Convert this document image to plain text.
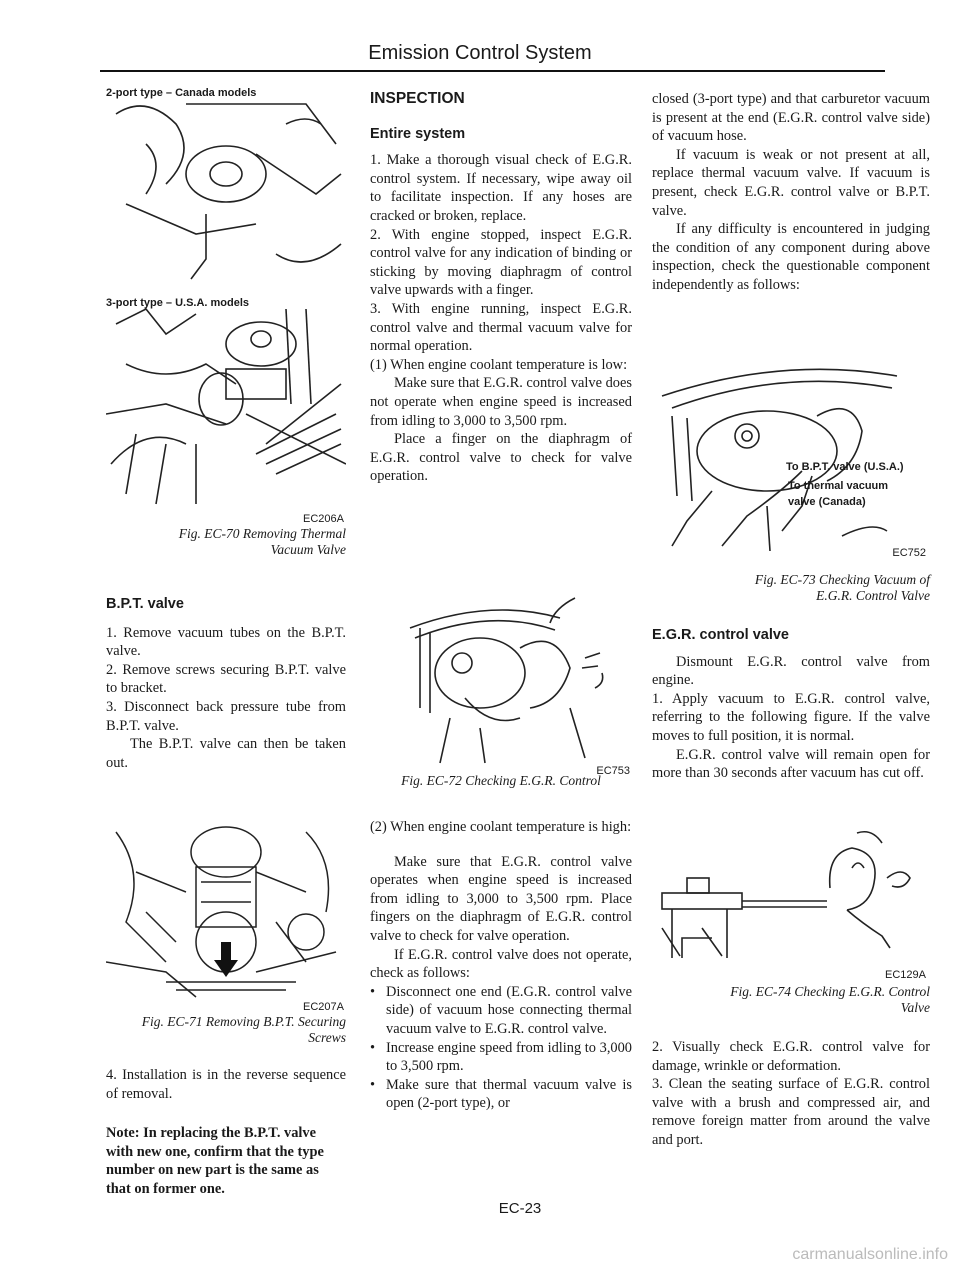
Emission Control System
2-port type – Canada models
3-port type – U.S.A. models
EC206A

Fig. EC-70 Removing Thermal

Vacuum Valve

B.P.T. valve

1. Remove vacuum tubes on the B.P.T. valve.

2. Remove screws securing B.P.T. valve to bracket.

3. Disconnect back pressure tube from B.P.T. valve.

The B.P.T. valve can then be taken out.

EC207A

Fig. EC-71 Removing B.P.T. Securing

Screws

4. Installation is in the reverse sequence of removal.

Note: In replacing the B.P.T. valve with new one, confirm that the type number on new part is the same as that on former one.

INSPECTION

Entire system

1. Make a thorough visual check of E.G.R. control system. If necessary, wipe away oil to facilitate inspection. If any hoses are cracked or broken, replace.

2. With engine stopped, inspect E.G.R. control valve for any indication of binding or sticking by moving diaphragm of control valve upwards with a finger.

3. With engine running, inspect E.G.R. control valve and thermal vacuum valve for normal operation.

(1) When engine coolant temperature is low:

Make sure that E.G.R. control valve does not operate when engine speed is increased from idling to 3,000 to 3,500 rpm.

Place a finger on the diaphragm of E.G.R. control valve to check for valve operation.

EC753

Fig. EC-72 Checking E.G.R. Control

(2) When engine coolant temperature is high:

Make sure that E.G.R. control valve operates when engine speed is increased from idling to 3,000 to 3,500 rpm. Place fingers on the diaphragm of E.G.R. control valve to check for valve operation.

If E.G.R. control valve does not operate, check as follows:

• Disconnect one end (E.G.R. control valve side) of vacuum hose connecting thermal vacuum valve to E.G.R. control valve.

• Increase engine speed from idling to 3,000 to 3,500 rpm.

• Make sure that thermal vacuum valve is open (2-port type), or

closed (3-port type) and that carburetor vacuum is present at the end (E.G.R. control valve side) of vacuum hose.

If vacuum is weak or not present at all, replace thermal vacuum valve. If vacuum is present, check E.G.R. control valve or B.P.T. valve.

If any difficulty is encountered in judging the condition of any component during above inspection, check the questionable component independently as follows:

To B.P.T. valve (U.S.A.)
To thermal vacuum
valve (Canada)
EC752

Fig. EC-73 Checking Vacuum of

E.G.R. Control Valve

E.G.R. control valve

Dismount E.G.R. control valve from engine.

1. Apply vacuum to E.G.R. control valve, referring to the following figure. If the valve moves to full position, it is normal.

E.G.R. control valve will remain open for more than 30 seconds after vacuum has cut off.

EC129A

Fig. EC-74 Checking E.G.R. Control

Valve

2. Visually check E.G.R. control valve for damage, wrinkle or deformation.

3. Clean the seating surface of E.G.R. control valve with a brush and compressed air, and remove foreign matter from around the valve and port.

EC-23
carmanualsonline.info
